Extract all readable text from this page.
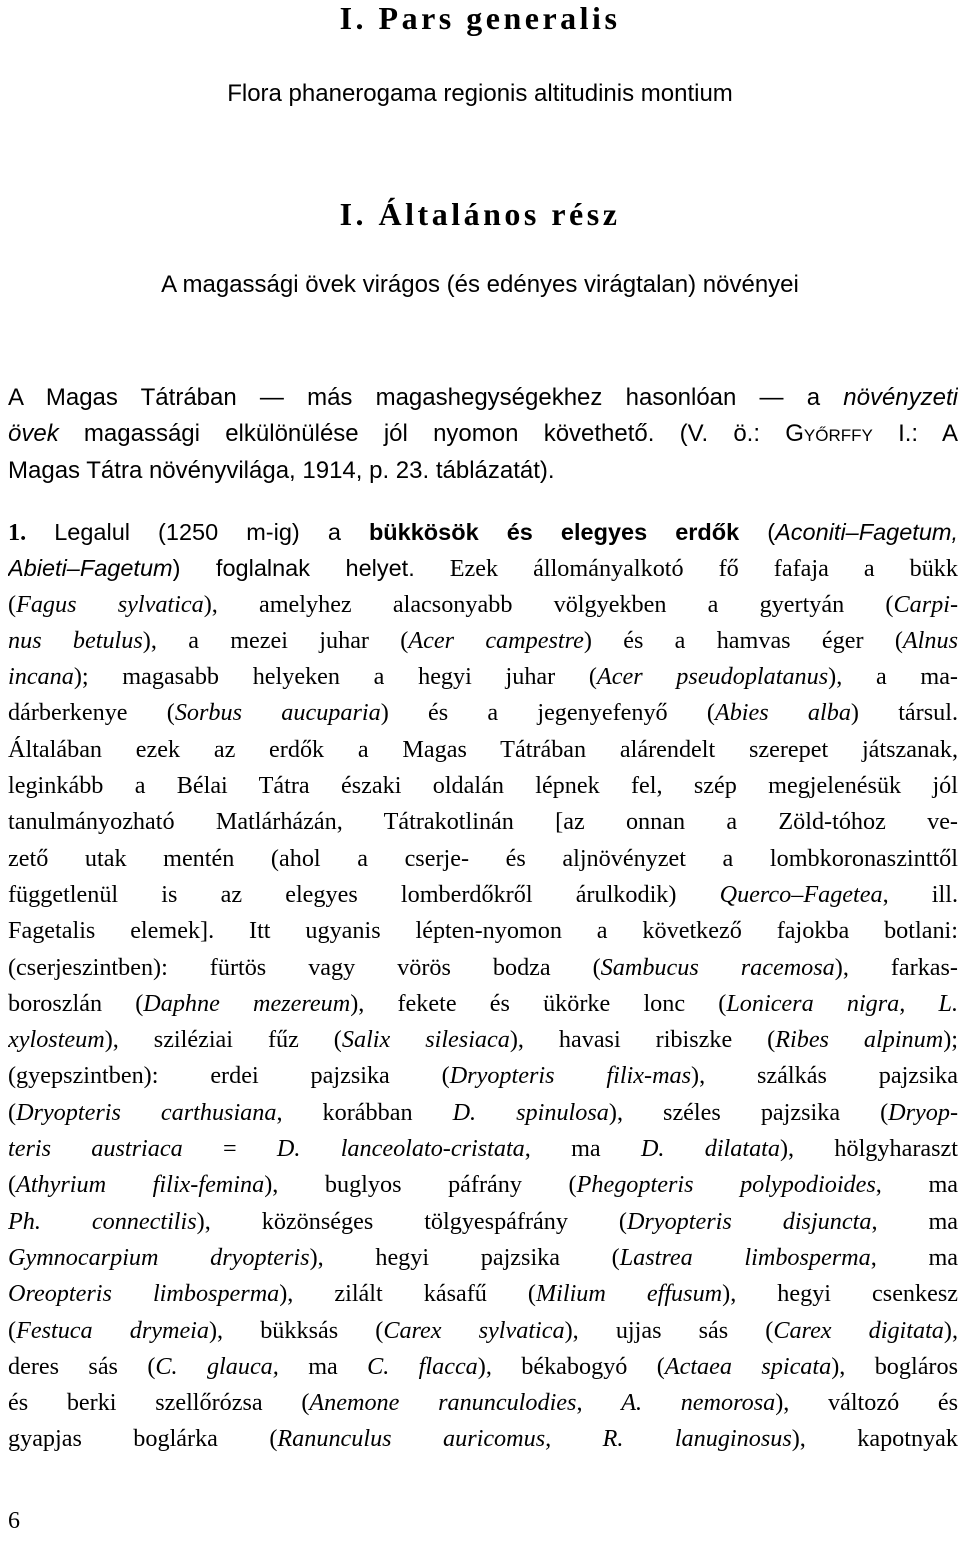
I. Pars generalis
Flora phanerogama regionis altitudinis montium
I. Általános rész
A magassági övek virágos (és edényes virágtalan) növényei
A Magas Tátrában — más magashegységekhez hasonlóan — a növényzeti
övek magassági elkülönülése jól nyomon követhető. (V. ö.: Győrffy I.: A
Magas Tátra növényvilága, 1914, p. 23. táblázatát).
1. Legalul (1250 m-ig) a bükkösök és elegyes erdők (Aconiti–Fagetum,
Abieti–Fagetum) foglalnak helyet. Ezek állományalkotó fő fafaja a bükk
(Fagus sylvatica), amelyhez alacsonyabb völgyekben a gyertyán (Carpi-
nus betulus), a mezei juhar (Acer campestre) és a hamvas éger (Alnus
incana); magasabb helyeken a hegyi juhar (Acer pseudoplatanus), a ma-
dárberkenye (Sorbus aucuparia) és a jegenyefenyő (Abies alba) társul.
Általában ezek az erdők a Magas Tátrában alárendelt szerepet játszanak,
leginkább a Bélai Tátra északi oldalán lépnek fel, szép megjelenésük jól
tanulmányozható Matlárházán, Tátrakotlinán [az onnan a Zöld-tóhoz ve-
zető utak mentén (ahol a cserje- és aljnövényzet a lombkoronaszinttől
függetlenül is az elegyes lomberdőkről árulkodik) Querco–Fagetea, ill.
Fagetalis elemek]. Itt ugyanis lépten-nyomon a következő fajokba botlani:
(cserjeszintben): fürtös vagy vörös bodza (Sambucus racemosa), farkas-
boroszlán (Daphne mezereum), fekete és ükörke lonc (Lonicera nigra, L.
xylosteum), sziléziai fűz (Salix silesiaca), havasi ribiszke (Ribes alpinum);
(gyepszintben): erdei pajzsika (Dryopteris filix-mas), szálkás pajzsika
(Dryopteris carthusiana, korábban D. spinulosa), széles pajzsika (Dryop-
teris austriaca = D. lanceolato-cristata, ma D. dilatata), hölgyharaszt
(Athyrium filix-femina), buglyos páfrány (Phegopteris polypodioides, ma
Ph. connectilis), közönséges tölgyespáfrány (Dryopteris disjuncta, ma
Gymnocarpium dryopteris), hegyi pajzsika (Lastrea limbosperma, ma
Oreopteris limbosperma), zilált kásafű (Milium effusum), hegyi csenkesz
(Festuca drymeia), bükksás (Carex sylvatica), ujjas sás (Carex digitata),
deres sás (C. glauca, ma C. flacca), békabogyó (Actaea spicata), bogláros
és berki szellőrózsa (Anemone ranunculodies, A. nemorosa), változó és
gyapjas boglárka (Ranunculus auricomus, R. lanuginosus), kapotnyak
6
